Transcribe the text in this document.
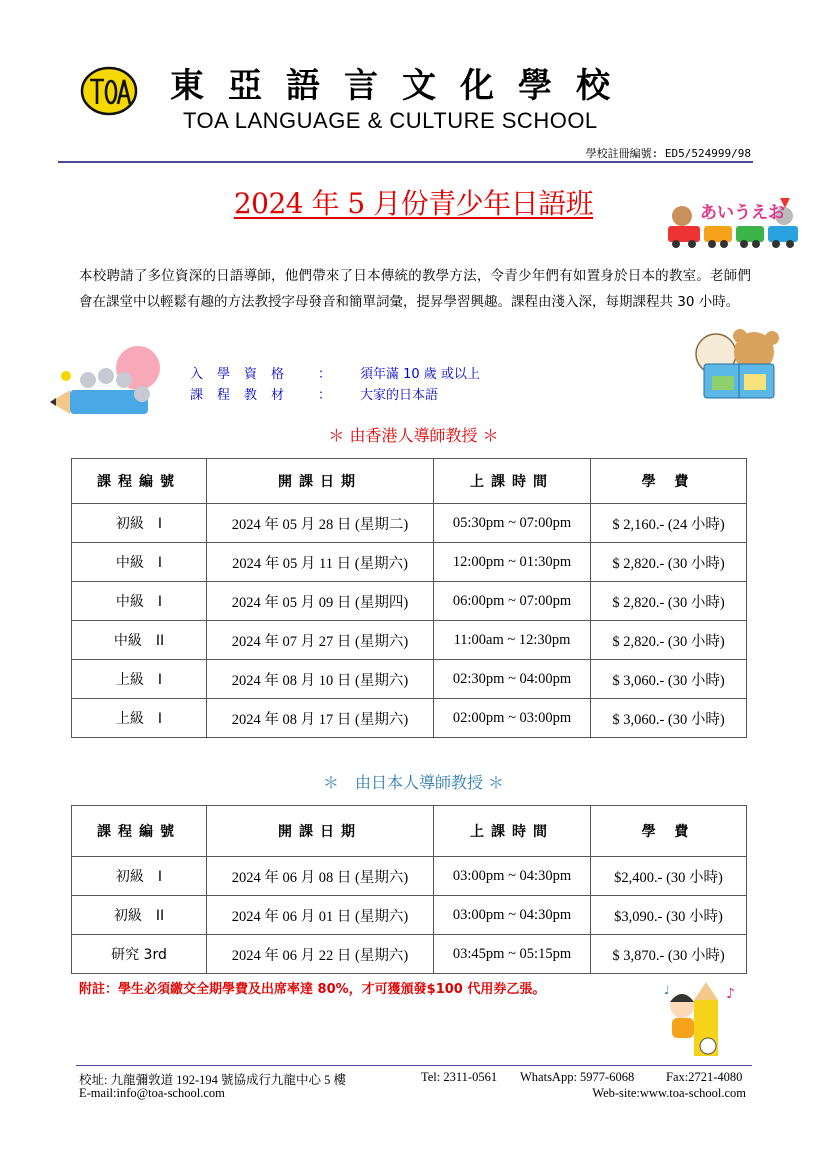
東亞語言文化學校
TOA LANGUAGE & CULTURE SCHOOL
學校註冊編號: ED5/524999/98
2024 年 5 月份青少年日語班	あいうえお

本校聘請了多位資深的日語導師，他們帶來了日本傳統的教學方法，令青少年們有如置身於日本的教室。老師們會在課堂中以輕鬆有趣的方法教授字母發音和簡單詞彙，提昇學習興趣。課程由淺入深，每期課程共 30 小時。

入學資格 ： 須年滿 10 歲 或以上
課程教材 ： 大家的日本語
＊ 由香港人導師教授 ＊
課程編號	開課日期	上課時間	學 費
初級　I	2024 年 05 月 28 日 (星期二)	05:30pm ~ 07:00pm	$ 2,160.- (24 小時)
中級　I	2024 年 05 月 11 日 (星期六)	12:00pm ~ 01:30pm	$ 2,820.- (30 小時)
中級　I	2024 年 05 月 09 日 (星期四)	06:00pm ~ 07:00pm	$ 2,820.- (30 小時)
中級　II	2024 年 07 月 27 日 (星期六)	11:00am ~ 12:30pm	$ 2,820.- (30 小時)
上級　I	2024 年 08 月 10 日 (星期六)	02:30pm ~ 04:00pm	$ 3,060.- (30 小時)
上級　I	2024 年 08 月 17 日 (星期六)	02:00pm ~ 03:00pm	$ 3,060.- (30 小時)
＊　由日本人導師教授 ＊
課程編號	開課日期	上課時間	學 費
初級　I	2024 年 06 月 08 日 (星期六)	03:00pm ~ 04:30pm	$2,400.- (30 小時)
初級　II	2024 年 06 月 01 日 (星期六)	03:00pm ~ 04:30pm	$3,090.- (30 小時)
研究 3rd	2024 年 06 月 22 日 (星期六)	03:45pm ~ 05:15pm	$ 3,870.- (30 小時)
附註：學生必須繳交全期學費及出席率達 80%，才可獲頒發$100 代用券乙張。	♪
♩
校址: 九龍彌敦道 192-194 號協成行九龍中心 5 樓	Tel: 2311-0561 WhatsApp: 5977-6068	Fax:2721-4080
E-mail:info@toa-school.com	Web-site:www.toa-school.com
